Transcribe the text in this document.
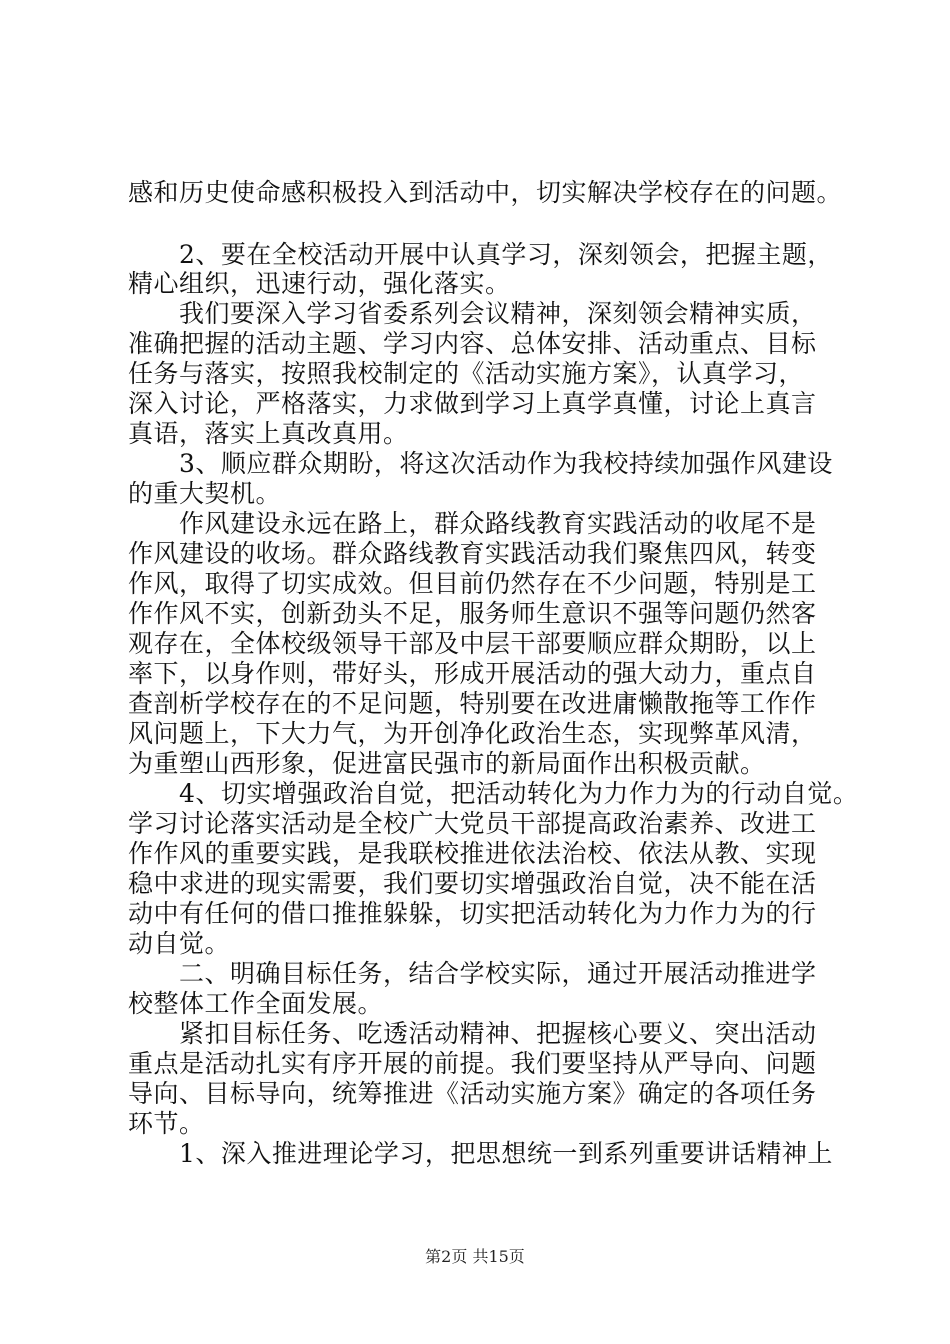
感和历史使命感积极投入到活动中，切实解决学校存在的问题。
　　2、要在全校活动开展中认真学习，深刻领会，把握主题，
精心组织，迅速行动，强化落实。
　　我们要深入学习省委系列会议精神，深刻领会精神实质，
准确把握的活动主题、学习内容、总体安排、活动重点、目标
任务与落实，按照我校制定的《活动实施方案》，认真学习，
深入讨论，严格落实，力求做到学习上真学真懂，讨论上真言
真语，落实上真改真用。
　　3、顺应群众期盼，将这次活动作为我校持续加强作风建设
的重大契机。
　　作风建设永远在路上，群众路线教育实践活动的收尾不是
作风建设的收场。群众路线教育实践活动我们聚焦四风，转变
作风，取得了切实成效。但目前仍然存在不少问题，特别是工
作作风不实，创新劲头不足，服务师生意识不强等问题仍然客
观存在，全体校级领导干部及中层干部要顺应群众期盼，以上
率下，以身作则，带好头，形成开展活动的强大动力，重点自
查剖析学校存在的不足问题，特别要在改进庸懒散拖等工作作
风问题上，下大力气，为开创净化政治生态，实现弊革风清，
为重塑山西形象，促进富民强市的新局面作出积极贡献。
　　4、切实增强政治自觉，把活动转化为力作力为的行动自觉。
学习讨论落实活动是全校广大党员干部提高政治素养、改进工
作作风的重要实践，是我联校推进依法治校、依法从教、实现
稳中求进的现实需要，我们要切实增强政治自觉，决不能在活
动中有任何的借口推推躲躲，切实把活动转化为力作力为的行
动自觉。
　　二、明确目标任务，结合学校实际，通过开展活动推进学
校整体工作全面发展。
　　紧扣目标任务、吃透活动精神、把握核心要义、突出活动
重点是活动扎实有序开展的前提。我们要坚持从严导向、问题
导向、目标导向，统筹推进《活动实施方案》确定的各项任务
环节。
　　1、深入推进理论学习，把思想统一到系列重要讲话精神上
第2页 共15页
